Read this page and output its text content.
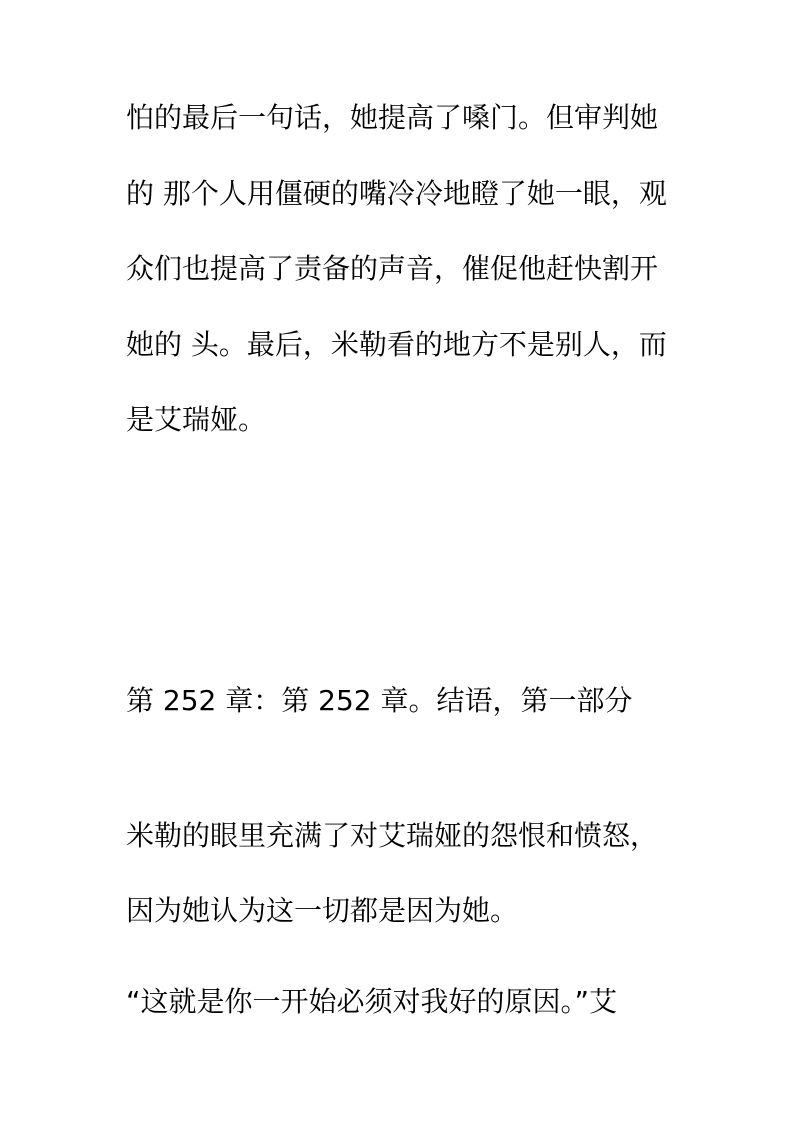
怕的最后一句话，她提高了嗓门。但审判她
的 那个人用僵硬的嘴冷冷地瞪了她一眼，观
众们也提高了责备的声音，催促他赶快割开
她的 头。最后，米勒看的地方不是别人，而
是艾瑞娅。
第 252 章：第 252 章。结语，第一部分
米勒的眼里充满了对艾瑞娅的怨恨和愤怒，
因为她认为这一切都是因为她。
“这就是你一开始必须对我好的原因。”艾
